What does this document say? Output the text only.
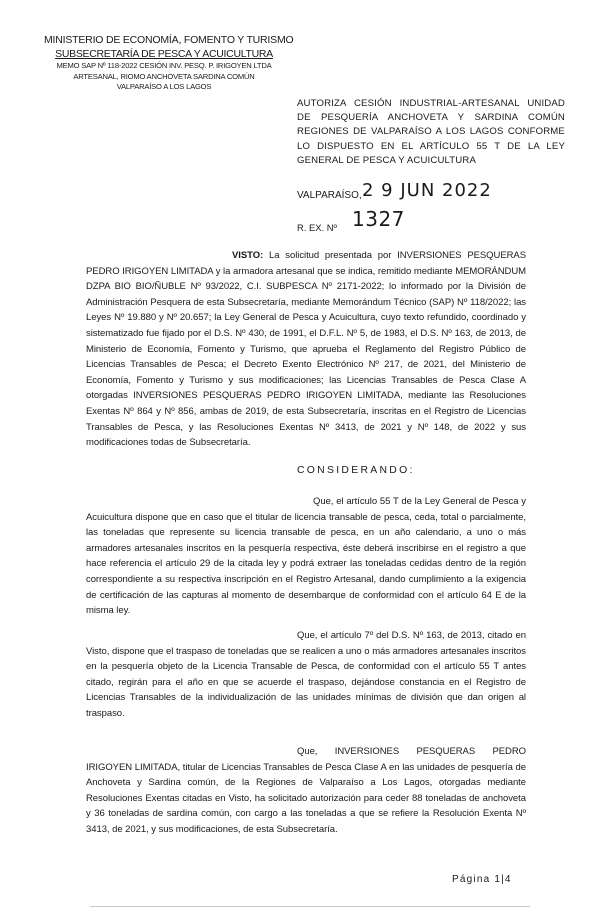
MINISTERIO DE ECONOMÍA, FOMENTO Y TURISMO
SUBSECRETARÍA DE PESCA Y ACUICULTURA
MEMO SAP Nº 118-2022 CESIÓN INV. PESQ. P. IRIGOYEN LTDA
ARTESANAL, RIOMO ANCHOVETA SARDINA COMÚN
VALPARAÍSO A LOS LAGOS
AUTORIZA CESIÓN INDUSTRIAL-ARTESANAL UNIDAD DE PESQUERÍA ANCHOVETA Y SARDINA COMÚN REGIONES DE VALPARAÍSO A LOS LAGOS CONFORME LO DISPUESTO EN EL ARTÍCULO 55 T DE LA LEY GENERAL DE PESCA Y ACUICULTURA
VALPARAÍSO, 2 9 JUN 2022
R. EX. Nº 1327
VISTO: La solicitud presentada por INVERSIONES PESQUERAS PEDRO IRIGOYEN LIMITADA y la armadora artesanal que se indica, remitido mediante MEMORÁNDUM DZPA BIO BIO/ÑUBLE Nº 93/2022, C.I. SUBPESCA Nº 2171-2022; lo informado por la División de Administración Pesquera de esta Subsecretaría, mediante Memorándum Técnico (SAP) Nº 118/2022; las Leyes Nº 19.880 y Nº 20.657; la Ley General de Pesca y Acuicultura, cuyo texto refundido, coordinado y sistematizado fue fijado por el D.S. Nº 430, de 1991, el D.F.L. Nº 5, de 1983, el D.S. Nº 163, de 2013, de Ministerio de Economía, Fomento y Turismo, que aprueba el Reglamento del Registro Público de Licencias Transables de Pesca; el Decreto Exento Electrónico Nº 217, de 2021, del Ministerio de Economía, Fomento y Turismo y sus modificaciones; las Licencias Transables de Pesca Clase A otorgadas INVERSIONES PESQUERAS PEDRO IRIGOYEN LIMITADA, mediante las Resoluciones Exentas Nº 864 y Nº 856, ambas de 2019, de esta Subsecretaría, inscritas en el Registro de Licencias Transables de Pesca, y las Resoluciones Exentas Nº 3413, de 2021 y Nº 148, de 2022 y sus modificaciones todas de Subsecretaría.
CONSIDERANDO:
Que, el artículo 55 T de la Ley General de Pesca y Acuicultura dispone que en caso que el titular de licencia transable de pesca, ceda, total o parcialmente, las toneladas que represente su licencia transable de pesca, en un año calendario, a uno o más armadores artesanales inscritos en la pesquería respectiva, éste deberá inscribirse en el registro a que hace referencia el artículo 29 de la citada ley y podrá extraer las toneladas cedidas dentro de la región correspondiente a su respectiva inscripción en el Registro Artesanal, dando cumplimiento a la exigencia de certificación de las capturas al momento de desembarque de conformidad con el artículo 64 E de la misma ley.
Que, el artículo 7º del D.S. Nº 163, de 2013, citado en Visto, dispone que el traspaso de toneladas que se realicen a uno o más armadores artesanales inscritos en la pesquería objeto de la Licencia Transable de Pesca, de conformidad con el artículo 55 T antes citado, regirán para el año en que se acuerde el traspaso, dejándose constancia en el Registro de Licencias Transables de la individualización de las unidades mínimas de división que dan origen al traspaso.
Que, INVERSIONES PESQUERAS PEDRO IRIGOYEN LIMITADA, titular de Licencias Transables de Pesca Clase A en las unidades de pesquería de Anchoveta y Sardina común, de la Regiones de Valparaíso a Los Lagos, otorgadas mediante Resoluciones Exentas citadas en Visto, ha solicitado autorización para ceder 88 toneladas de anchoveta y 36 toneladas de sardina común, con cargo a las toneladas a que se refiere la Resolución Exenta Nº 3413, de 2021, y sus modificaciones, de esta Subsecretaría.
Página 1|4
